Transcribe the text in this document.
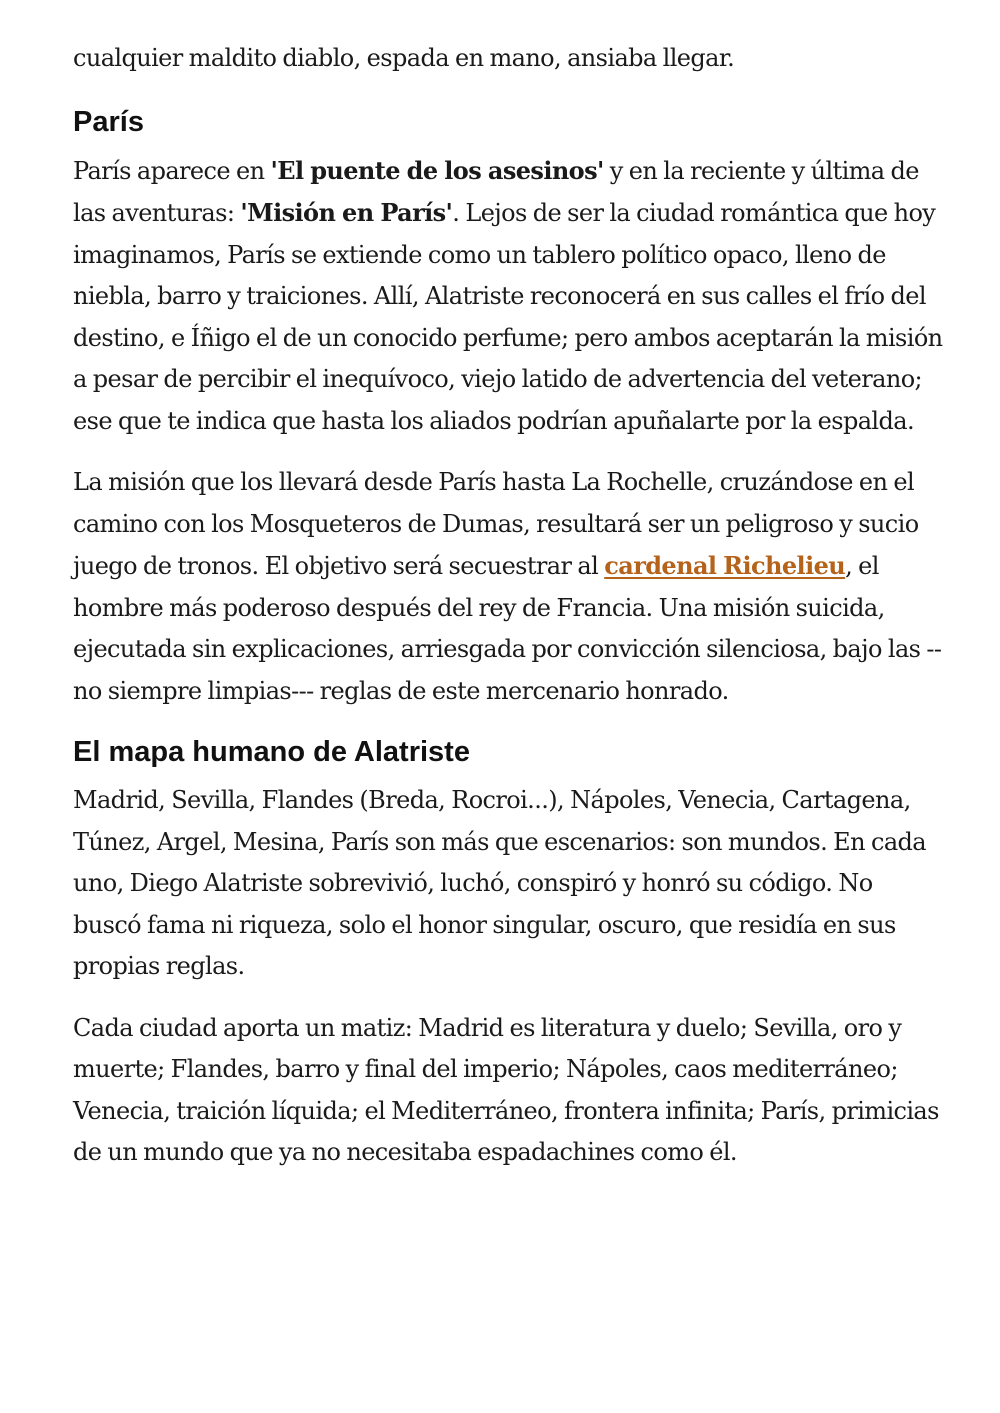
cualquier maldito diablo, espada en mano, ansiaba llegar.

París

París aparece en 'El puente de los asesinos' y en la reciente y última de las aventuras: 'Misión en París'. Lejos de ser la ciudad romántica que hoy imaginamos, París se extiende como un tablero político opaco, lleno de niebla, barro y traiciones. Allí, Alatriste reconocerá en sus calles el frío del destino, e Íñigo el de un conocido perfume; pero ambos aceptarán la misión a pesar de percibir el inequívoco, viejo latido de advertencia del veterano; ese que te indica que hasta los aliados podrían apuñalarte por la espalda.

La misión que los llevará desde París hasta La Rochelle, cruzándose en el camino con los Mosqueteros de Dumas, resultará ser un peligroso y sucio juego de tronos. El objetivo será secuestrar al cardenal Richelieu, el hombre más poderoso después del rey de Francia. Una misión suicida, ejecutada sin explicaciones, arriesgada por convicción silenciosa, bajo las --no siempre limpias--- reglas de este mercenario honrado.

El mapa humano de Alatriste

Madrid, Sevilla, Flandes (Breda, Rocroi...), Nápoles, Venecia, Cartagena, Túnez, Argel, Mesina, París son más que escenarios: son mundos. En cada uno, Diego Alatriste sobrevivió, luchó, conspiró y honró su código. No buscó fama ni riqueza, solo el honor singular, oscuro, que residía en sus propias reglas.

Cada ciudad aporta un matiz: Madrid es literatura y duelo; Sevilla, oro y muerte; Flandes, barro y final del imperio; Nápoles, caos mediterráneo; Venecia, traición líquida; el Mediterráneo, frontera infinita; París, primicias de un mundo que ya no necesitaba espadachines como él.
